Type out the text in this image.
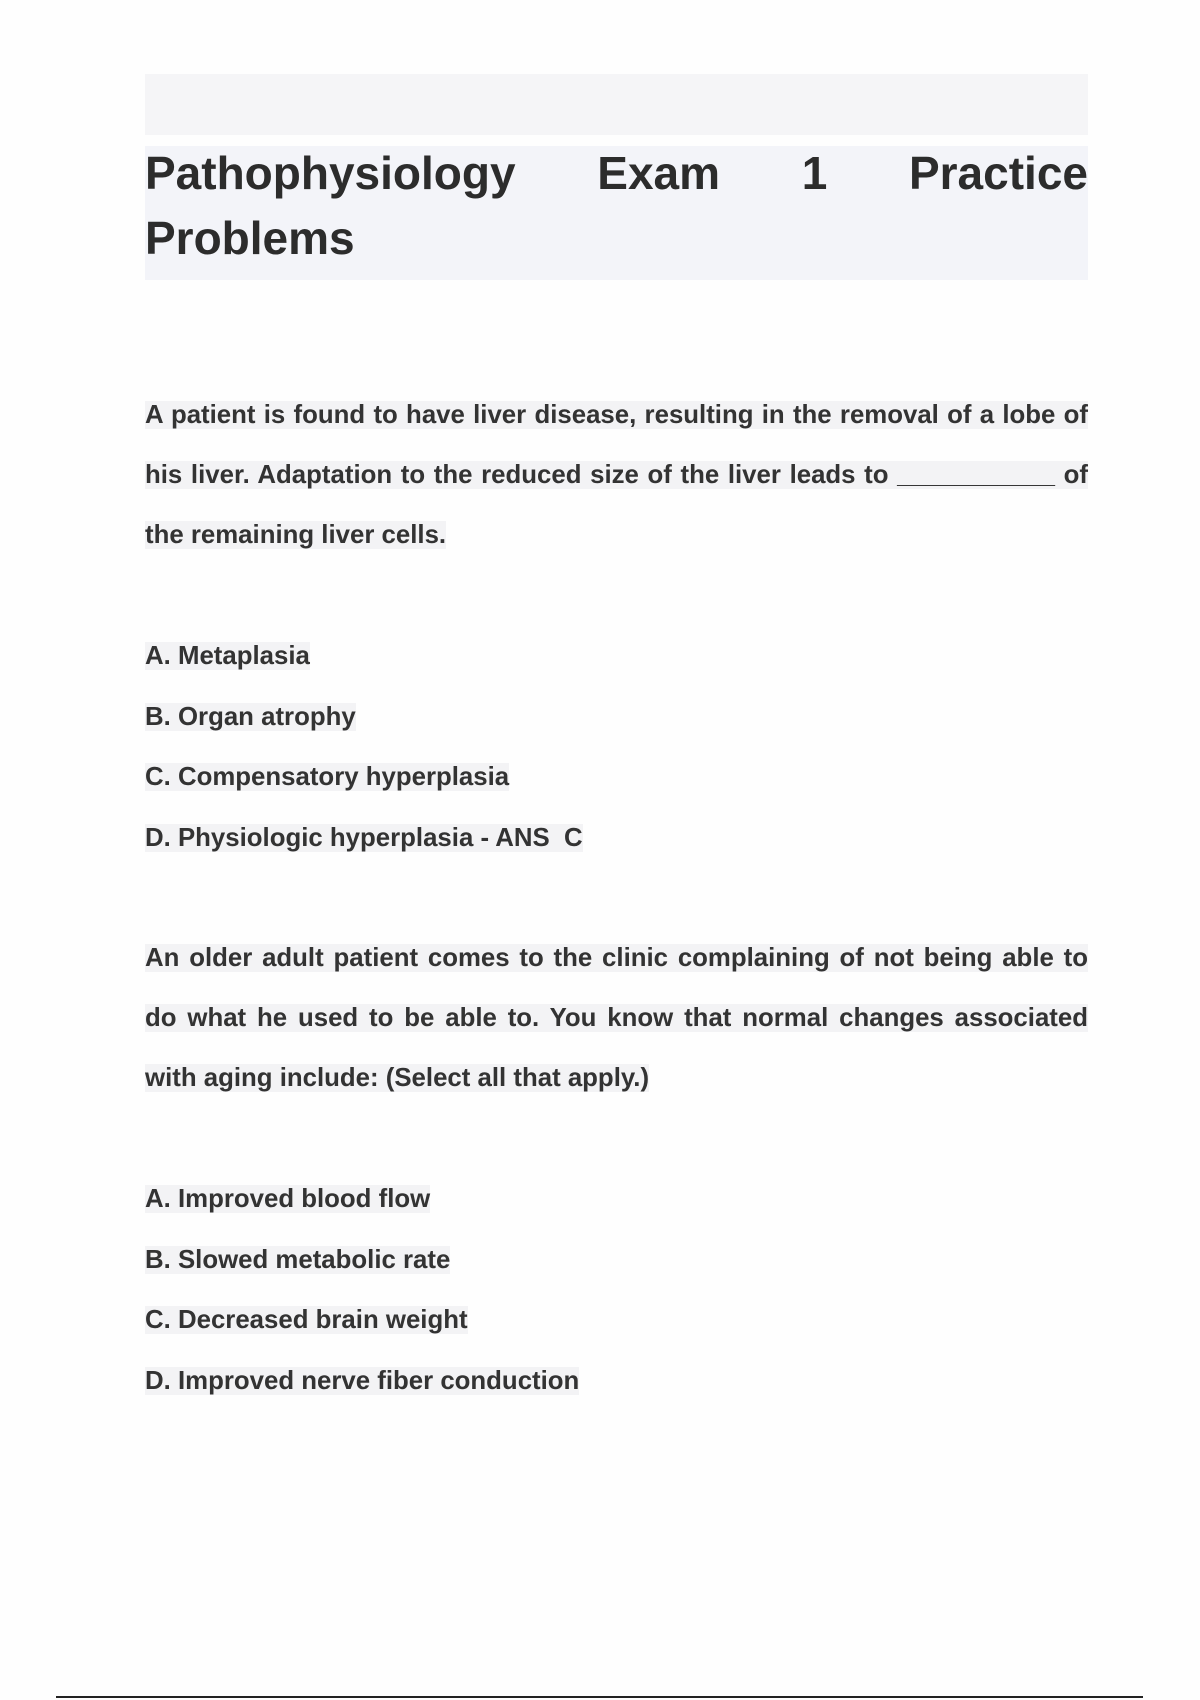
Pathophysiology Exam 1 Practice Problems

A patient is found to have liver disease, resulting in the removal of a lobe of his liver. Adaptation to the reduced size of the liver leads to ___________ of the remaining liver cells.

A. Metaplasia
B. Organ atrophy
C. Compensatory hyperplasia
D. Physiologic hyperplasia - ANS  C

An older adult patient comes to the clinic complaining of not being able to do what he used to be able to. You know that normal changes associated with aging include: (Select all that apply.)

A. Improved blood flow
B. Slowed metabolic rate
C. Decreased brain weight
D. Improved nerve fiber conduction
